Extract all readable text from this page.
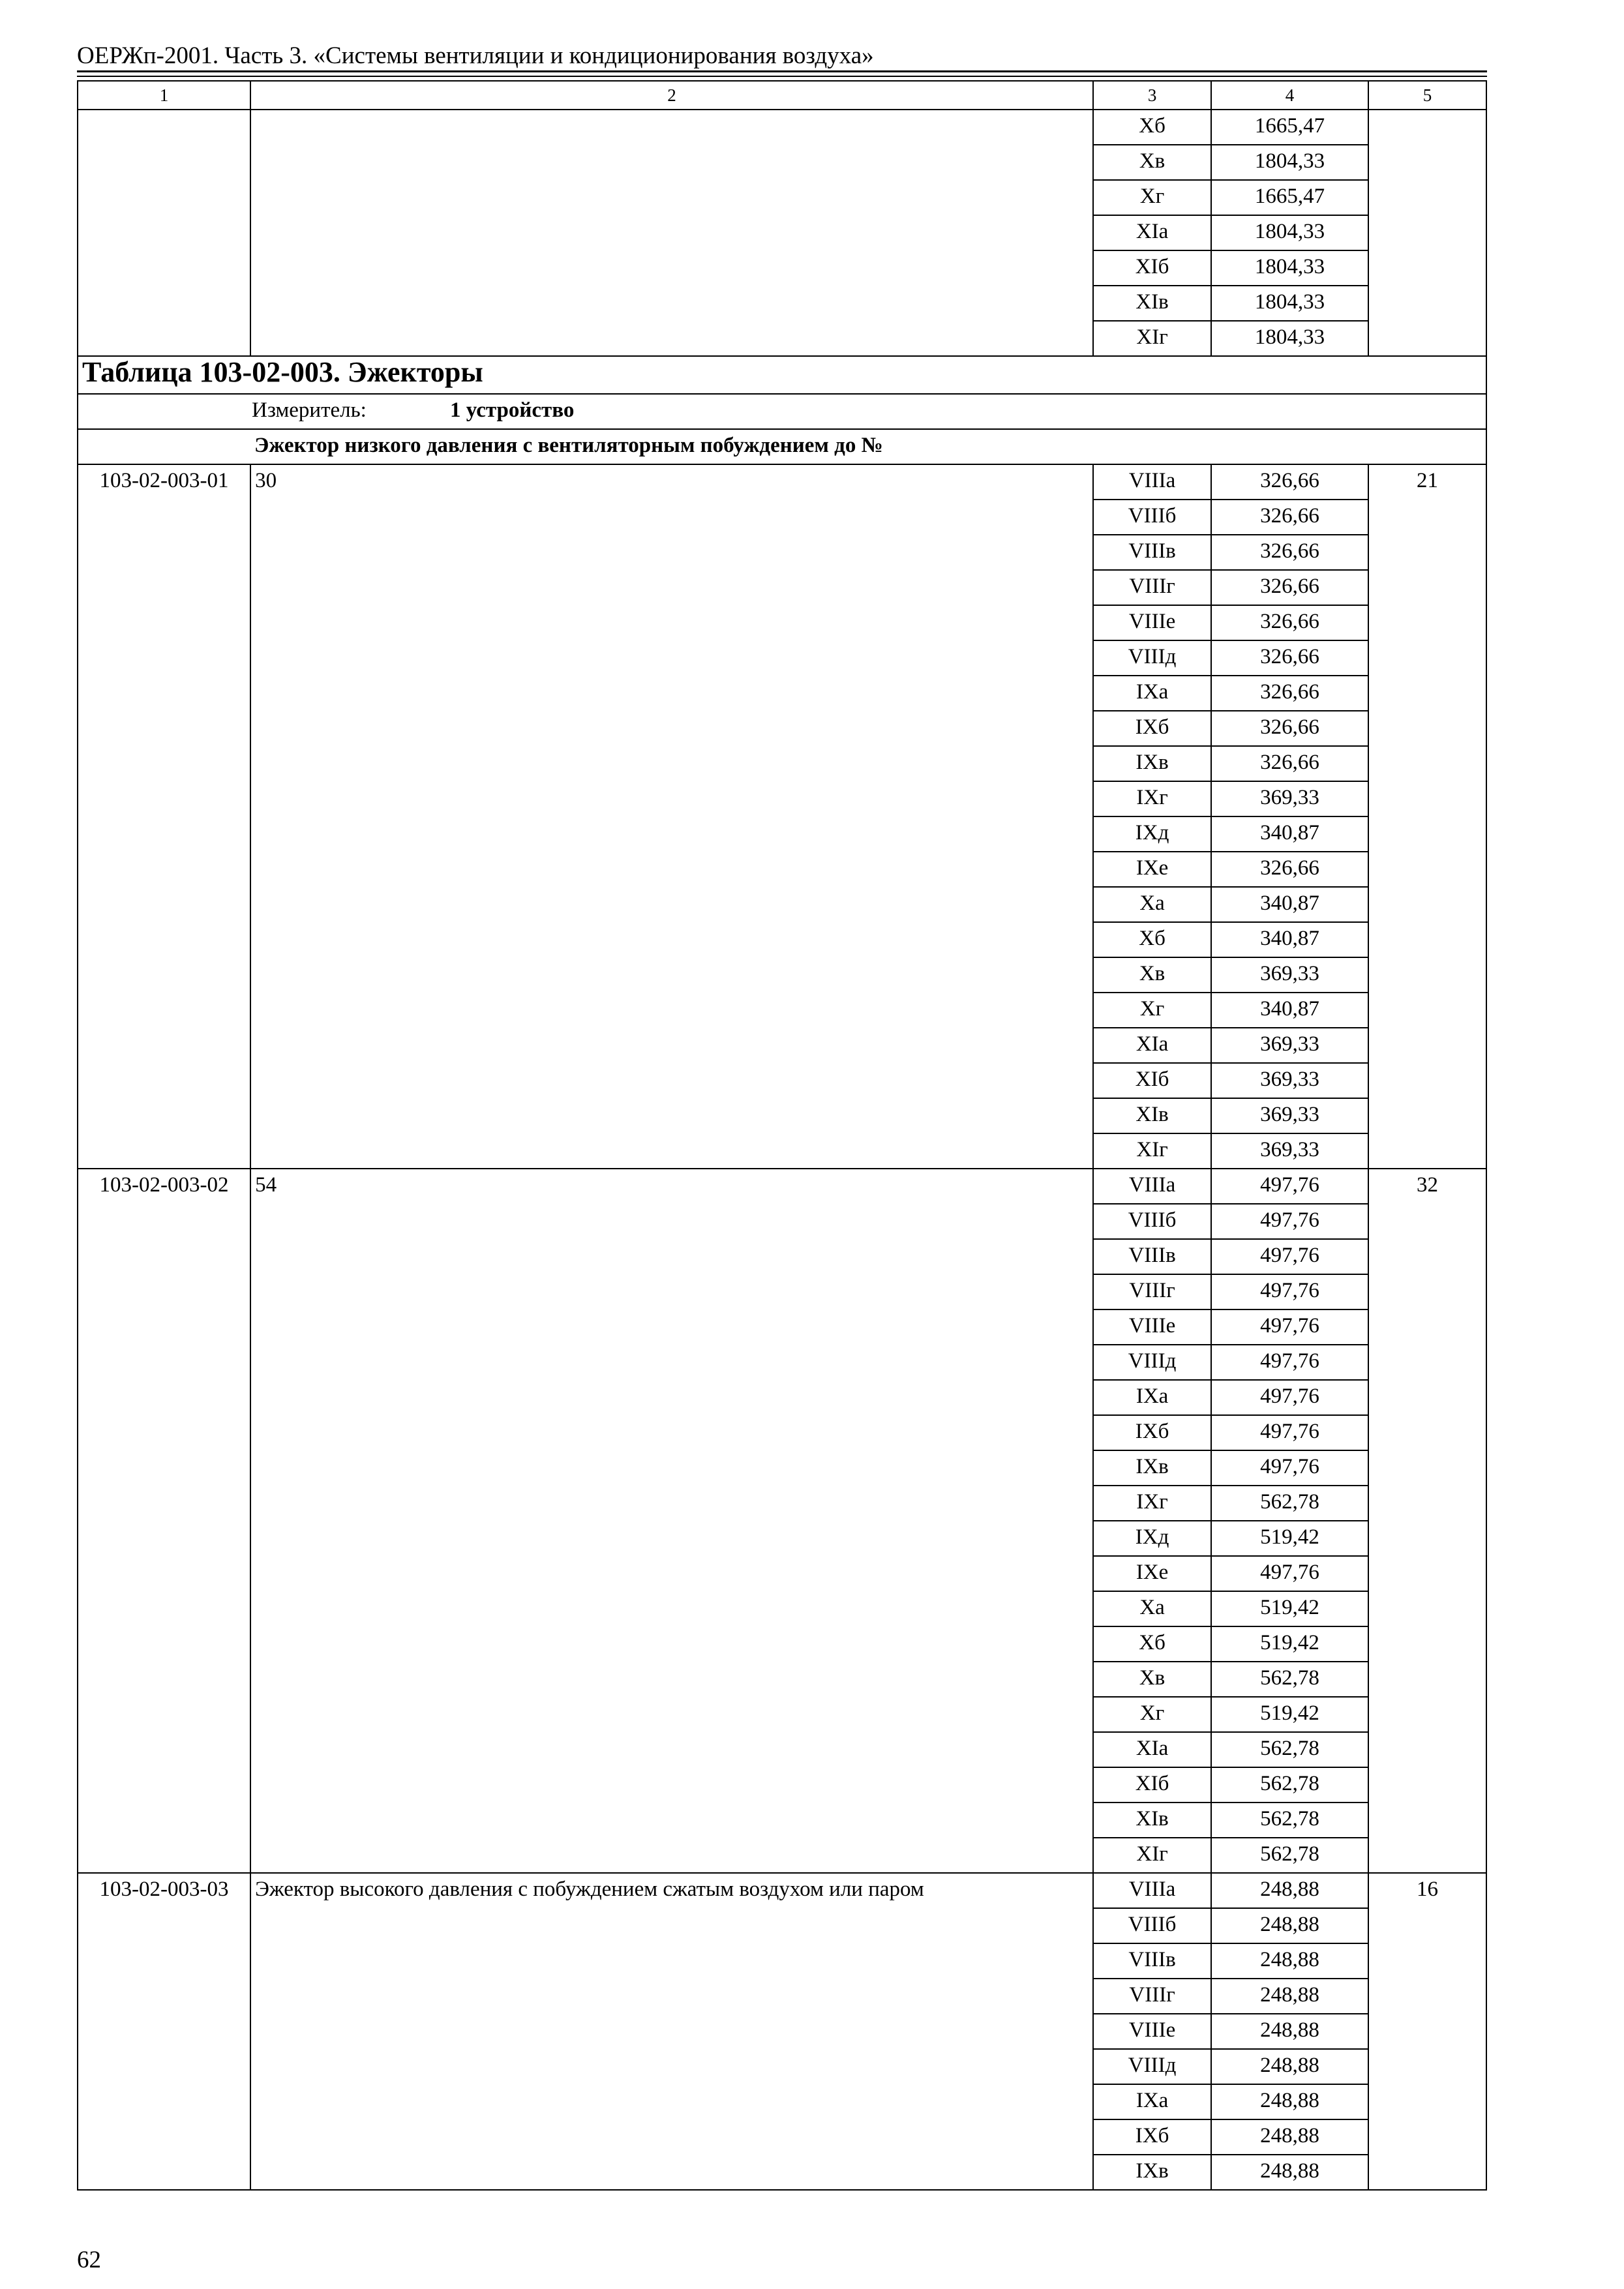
ОЕРЖп-2001. Часть 3. «Системы вентиляции и кондиционирования воздуха»
1	2	3	4	5
		Xб	1665,47	
		Xв	1804,33	
		Xг	1665,47	
		XIа	1804,33	
		XIб	1804,33	
		XIв	1804,33	
		XIг	1804,33	
Таблица 103-02-003. Эжекторы				
Измеритель: 1 устройство				
Эжектор низкого давления с вентиляторным побуждением до №				
103-02-003-01	30	VIIIа	326,66	21
		VIIIб	326,66	
		VIIIв	326,66	
		VIIIг	326,66	
		VIIIе	326,66	
		VIIIд	326,66	
		IXа	326,66	
		IXб	326,66	
		IXв	326,66	
		IXг	369,33	
		IXд	340,87	
		IXе	326,66	
		Xа	340,87	
		Xб	340,87	
		Xв	369,33	
		Xг	340,87	
		XIа	369,33	
		XIб	369,33	
		XIв	369,33	
		XIг	369,33	
103-02-003-02	54	VIIIа	497,76	32
		VIIIб	497,76	
		VIIIв	497,76	
		VIIIг	497,76	
		VIIIе	497,76	
		VIIIд	497,76	
		IXа	497,76	
		IXб	497,76	
		IXв	497,76	
		IXг	562,78	
		IXд	519,42	
		IXе	497,76	
		Xа	519,42	
		Xб	519,42	
		Xв	562,78	
		Xг	519,42	
		XIа	562,78	
		XIб	562,78	
		XIв	562,78	
		XIг	562,78	
103-02-003-03	Эжектор высокого давления с побуждением сжатым воздухом или паром	VIIIа	248,88	16
		VIIIб	248,88	
		VIIIв	248,88	
		VIIIг	248,88	
		VIIIе	248,88	
		VIIIд	248,88	
		IXа	248,88	
		IXб	248,88	
		IXв	248,88	
62
